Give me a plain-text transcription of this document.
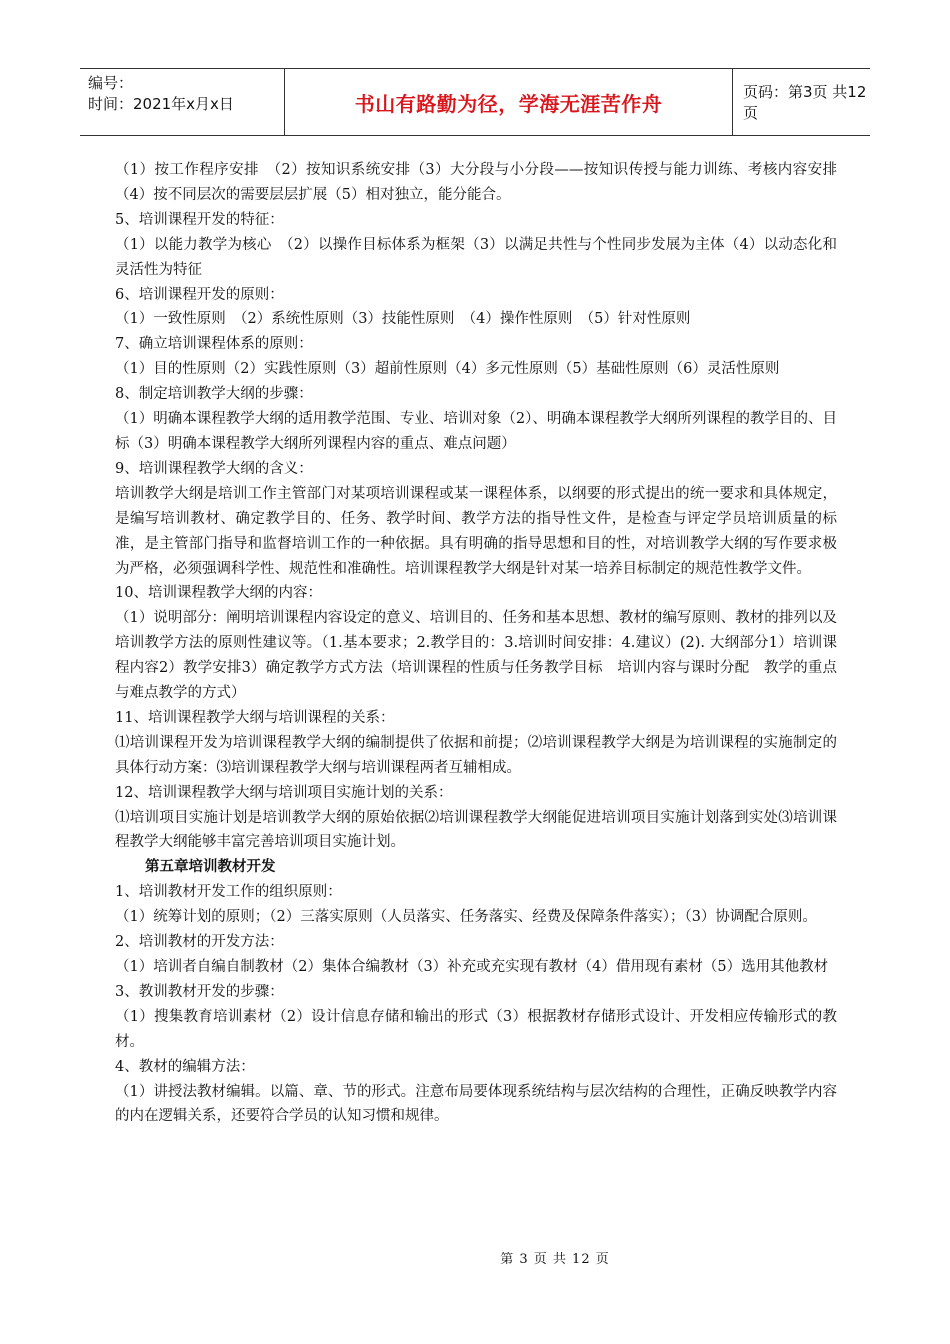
编号：
时间：2021年x月x日	书山有路勤为径，学海无涯苦作舟	页码：第3页 共12页

（1）按工作程序安排　（2）按知识系统安排（3）大分段与小分段——按知识传授与能力训练、考核内容安排（4）按不同层次的需要层层扩展（5）相对独立，能分能合。

5、培训课程开发的特征：

（1）以能力教学为核心　（2）以操作目标体系为框架（3）以满足共性与个性同步发展为主体（4）以动态化和灵活性为特征

6、培训课程开发的原则：

（1）一致性原则　（2）系统性原则（3）技能性原则　（4）操作性原则　（5）针对性原则

7、确立培训课程体系的原则：

（1）目的性原则（2）实践性原则（3）超前性原则（4）多元性原则（5）基础性原则（6）灵活性原则

8、制定培训教学大纲的步骤：

（1）明确本课程教学大纲的适用教学范围、专业、培训对象（2）、明确本课程教学大纲所列课程的教学目的、目标（3）明确本课程教学大纲所列课程内容的重点、难点问题）

9、培训课程教学大纲的含义：

培训教学大纲是培训工作主管部门对某项培训课程或某一课程体系，以纲要的形式提出的统一要求和具体规定，是编写培训教材、确定教学目的、任务、教学时间、教学方法的指导性文件，是检查与评定学员培训质量的标准，是主管部门指导和监督培训工作的一种依据。具有明确的指导思想和目的性，对培训教学大纲的写作要求极为严格，必须强调科学性、规范性和准确性。培训课程教学大纲是针对某一培养目标制定的规范性教学文件。

10、培训课程教学大纲的内容：

（1）说明部分：阐明培训课程内容设定的意义、培训目的、任务和基本思想、教材的编写原则、教材的排列以及培训教学方法的原则性建议等。（1.基本要求；2.教学目的：3.培训时间安排：4.建议）(2). 大纲部分1）培训课程内容2）教学安排3）确定教学方式方法（培训课程的性质与任务教学目标　培训内容与课时分配　教学的重点与难点教学的方式）

11、培训课程教学大纲与培训课程的关系：

⑴培训课程开发为培训课程教学大纲的编制提供了依据和前提；⑵培训课程教学大纲是为培训课程的实施制定的具体行动方案：⑶培训课程教学大纲与培训课程两者互辅相成。

12、培训课程教学大纲与培训项目实施计划的关系：

⑴培训项目实施计划是培训教学大纲的原始依据⑵培训课程教学大纲能促进培训项目实施计划落到实处⑶培训课程教学大纲能够丰富完善培训项目实施计划。

第五章培训教材开发

1、培训教材开发工作的组织原则：

（1）统筹计划的原则；（2）三落实原则（人员落实、任务落实、经费及保障条件落实）；（3）协调配合原则。

2、培训教材的开发方法：

（1）培训者自编自制教材（2）集体合编教材（3）补充或充实现有教材（4）借用现有素材（5）选用其他教材

3、教训教材开发的步骤：

（1）搜集教育培训素材（2）设计信息存储和输出的形式（3）根据教材存储形式设计、开发相应传输形式的教材。

4、教材的编辑方法：

（1）讲授法教材编辑。以篇、章、节的形式。注意布局要体现系统结构与层次结构的合理性，正确反映教学内容的内在逻辑关系，还要符合学员的认知习惯和规律。

第 3 页 共 12 页
